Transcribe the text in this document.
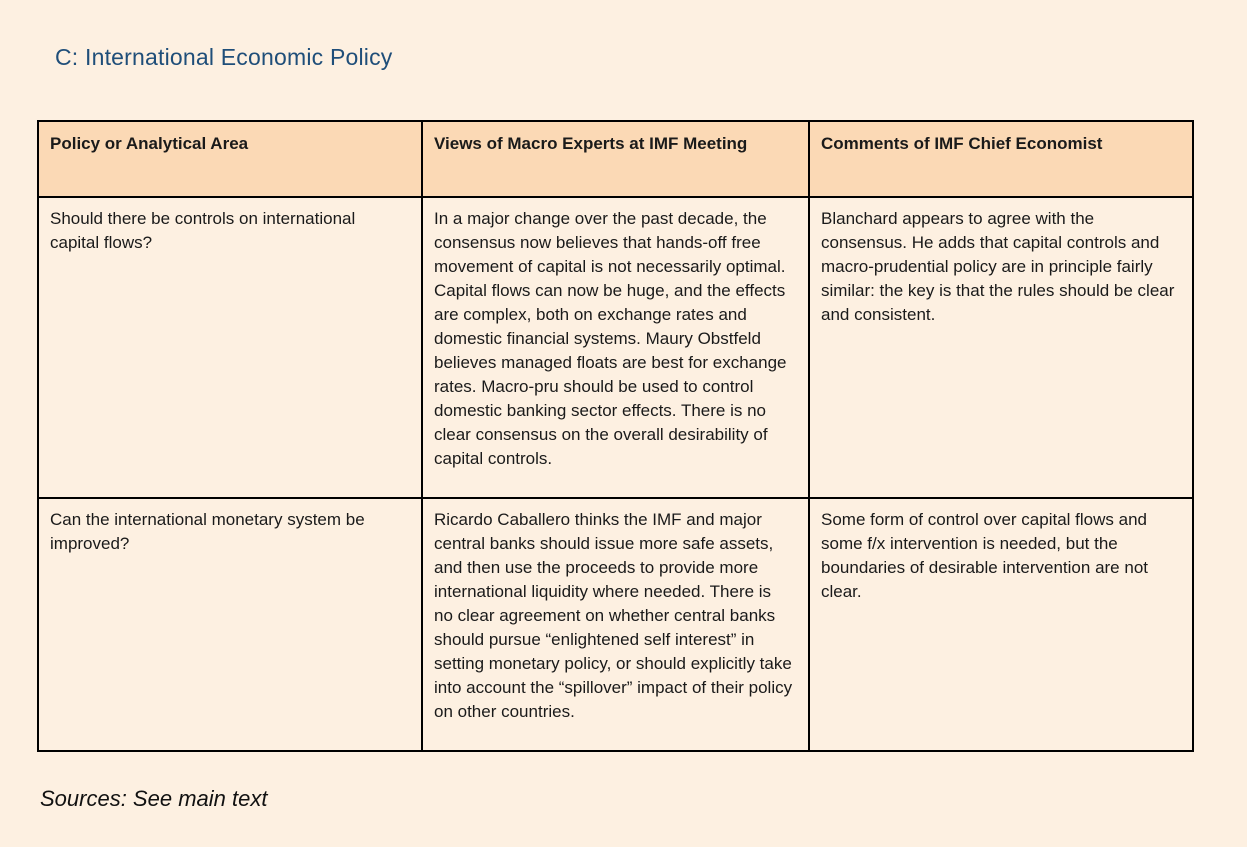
C: International Economic Policy
Policy or Analytical Area	Views of Macro Experts at IMF Meeting	Comments of IMF Chief Economist
Should there be controls on international capital flows?	In a major change over the past decade, the consensus now believes that hands-off free movement of capital is not necessarily optimal. Capital flows can now be huge, and the effects are complex, both on exchange rates and domestic financial systems. Maury Obstfeld believes managed floats are best for exchange rates. Macro-pru should be used to control domestic banking sector effects. There is no clear consensus on the overall desirability of capital controls.	Blanchard appears to agree with the consensus. He adds that capital controls and macro-prudential policy are in principle fairly similar: the key is that the rules should be clear and consistent.
Can the international monetary system be improved?	Ricardo Caballero thinks the IMF and major central banks should issue more safe assets, and then use the proceeds to provide more international liquidity where needed. There is no clear agreement on whether central banks should pursue “enlightened self interest” in setting monetary policy, or should explicitly take into account the “spillover” impact of their policy on other countries.	Some form of control over capital flows and some f/x intervention is needed, but the boundaries of desirable intervention are not clear.
Sources: See main text
